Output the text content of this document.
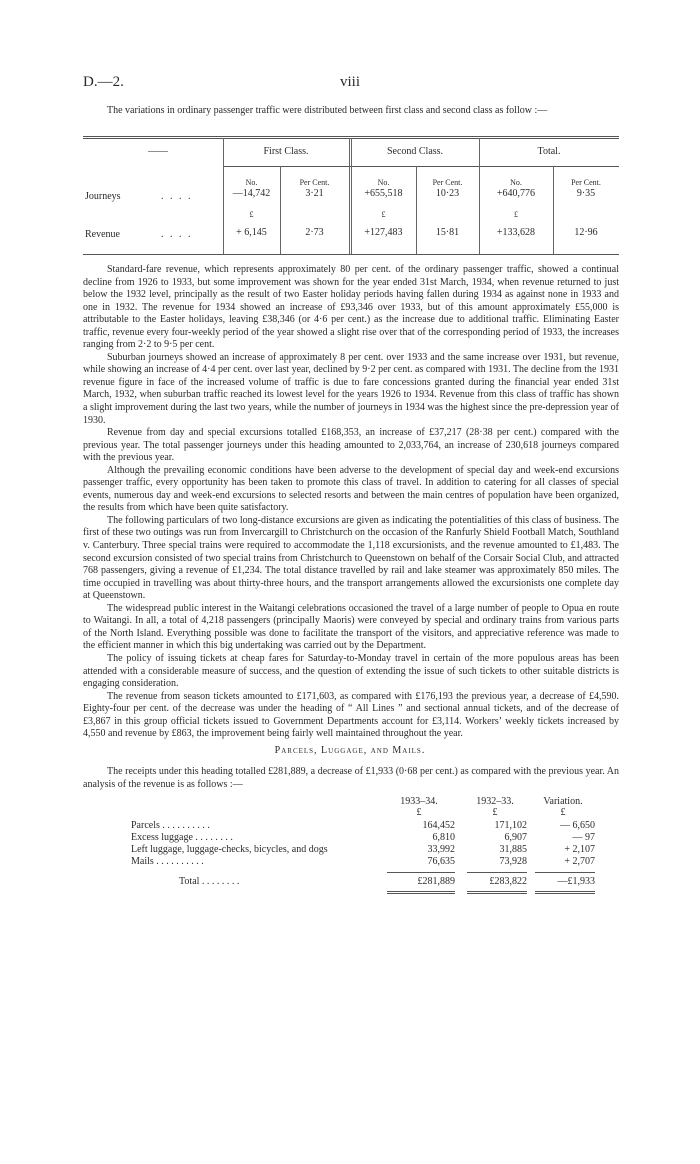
D.—2.	viii
The variations in ordinary passenger traffic were distributed between first class and second class as follow :—
——	First Class.	Second Class.	Total.
No.	Per Cent.	No.	Per Cent.	No.	Per Cent.
Journeys	. . . .	—14,742	3·21	+655,518	10·23	+640,776	9·35
£	£	£
Revenue	. . . .	+ 6,145	2·73	+127,483	15·81	+133,628	12·96

Standard-fare revenue, which represents approximately 80 per cent. of the ordinary passenger traffic, showed a continual decline from 1926 to 1933, but some improvement was shown for the year ended 31st March, 1934, when revenue returned to just below the 1932 level, principally as the result of two Easter holiday periods having fallen during 1934 as against none in 1933 and one in 1932. The revenue for 1934 showed an increase of £93,346 over 1933, but of this amount approximately £55,000 is attributable to the Easter holidays, leaving £38,346 (or 4·6 per cent.) as the increase due to additional traffic. Eliminating Easter traffic, revenue every four-weekly period of the year showed a slight rise over that of the corresponding period of 1933, the increases ranging from 2·2 to 9·5 per cent.

Suburban journeys showed an increase of approximately 8 per cent. over 1933 and the same increase over 1931, but revenue, while showing an increase of 4·4 per cent. over last year, declined by 9·2 per cent. as compared with 1931. The decline from the 1931 revenue figure in face of the increased volume of traffic is due to fare concessions granted during the financial year ended 31st March, 1932, when suburban traffic reached its lowest level for the years 1926 to 1934. Revenue from this class of traffic has shown a slight improvement during the last two years, while the number of journeys in 1934 was the highest since the pre-depression year of 1930.

Revenue from day and special excursions totalled £168,353, an increase of £37,217 (28·38 per cent.) compared with the previous year. The total passenger journeys under this heading amounted to 2,033,764, an increase of 230,618 journeys compared with the previous year.

Although the prevailing economic conditions have been adverse to the development of special day and week-end excursions passenger traffic, every opportunity has been taken to promote this class of travel. In addition to catering for all classes of special events, numerous day and week-end excursions to selected resorts and between the main centres of population have been organized, the results from which have been quite satisfactory.

The following particulars of two long-distance excursions are given as indicating the potentialities of this class of business. The first of these two outings was run from Invercargill to Christchurch on the occasion of the Ranfurly Shield Football Match, Southland v. Canterbury. Three special trains were required to accommodate the 1,118 excursionists, and the revenue amounted to £1,483. The second excursion consisted of two special trains from Christchurch to Queenstown on behalf of the Corsair Social Club, and attracted 768 passengers, giving a revenue of £1,234. The total distance travelled by rail and lake steamer was approximately 850 miles. The time occupied in travelling was about thirty-three hours, and the transport arrangements allowed the excursionists one complete day at Queenstown.

The widespread public interest in the Waitangi celebrations occasioned the travel of a large number of people to Opua en route to Waitangi. In all, a total of 4,218 passengers (principally Maoris) were conveyed by special and ordinary trains from various parts of the North Island. Everything possible was done to facilitate the transport of the visitors, and appreciative reference was made to the efficient manner in which this big undertaking was carried out by the Department.

The policy of issuing tickets at cheap fares for Saturday-to-Monday travel in certain of the more populous areas has been attended with a considerable measure of success, and the question of extending the issue of such tickets to other suitable districts is engaging consideration.

The revenue from season tickets amounted to £171,603, as compared with £176,193 the previous year, a decrease of £4,590. Eighty-four per cent. of the decrease was under the heading of “ All Lines ” and sectional annual tickets, and of the decrease of £3,867 in this group official tickets issued to Government Departments account for £3,114. Workers’ weekly tickets increased by 4,550 and revenue by £863, the improvement being fairly well maintained throughout the year.

Parcels, Luggage, and Mails.
The receipts under this heading totalled £281,889, a decrease of £1,933 (0·68 per cent.) as compared with the previous year. An analysis of the revenue is as follows :—
1933–34.	1932–33.	Variation.
£	£	£
Parcels . . . . . . . . . .	164,452	171,102	— 6,650
Excess luggage . . . . . . . .	6,810	6,907	— 97
Left luggage, luggage-checks, bicycles, and dogs	33,992	31,885	+ 2,107
Mails . . . . . . . . . .	76,635	73,928	+ 2,707
Total . . . . . . . .	£281,889	£283,822	—£1,933
